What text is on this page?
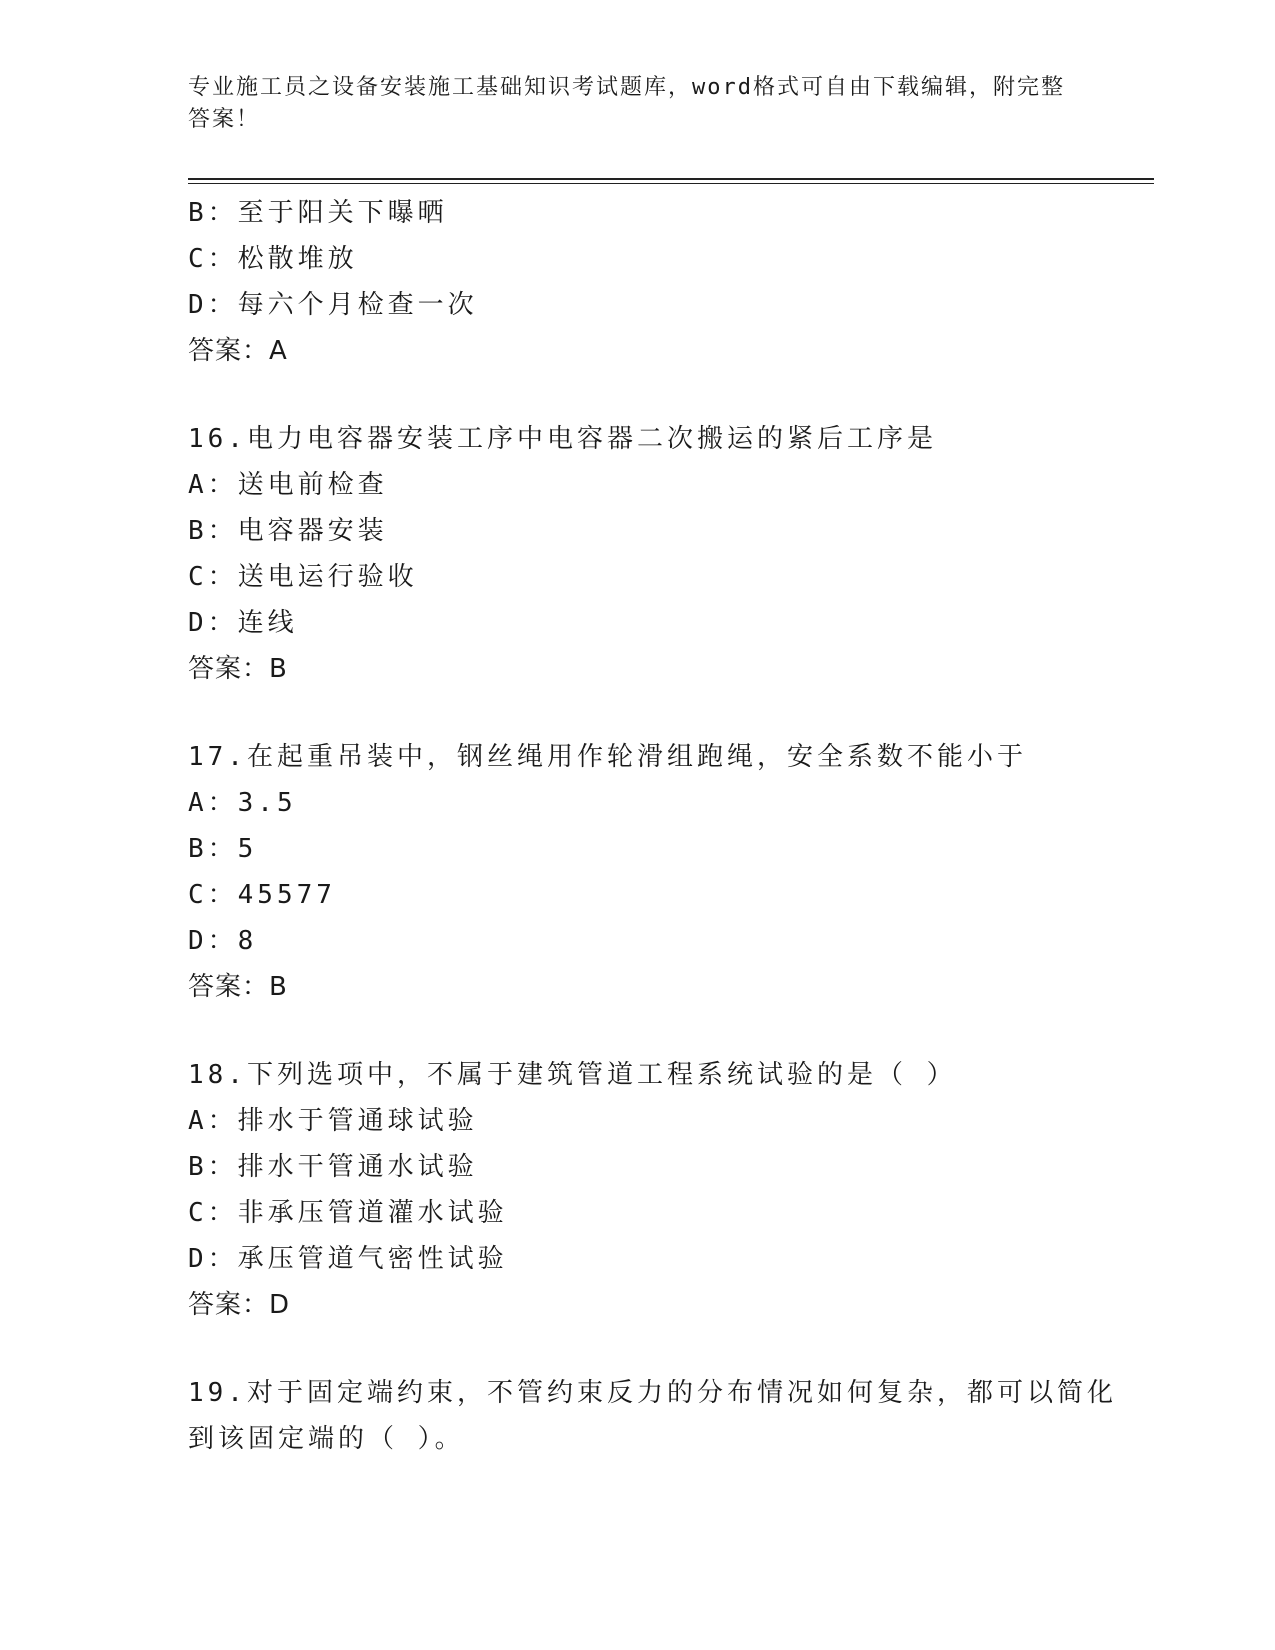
专业施工员之设备安装施工基础知识考试题库，word格式可自由下载编辑，附完整答案！
B：至于阳关下曝晒
C：松散堆放
D：每六个月检查一次
答案：A
16.电力电容器安装工序中电容器二次搬运的紧后工序是
A：送电前检查
B：电容器安装
C：送电运行验收
D：连线
答案：B
17.在起重吊装中，钢丝绳用作轮滑组跑绳，安全系数不能小于
A：3.5
B：5
C：45577
D：8
答案：B
18.下列选项中，不属于建筑管道工程系统试验的是（ ）
A：排水于管通球试验
B：排水干管通水试验
C：非承压管道灌水试验
D：承压管道气密性试验
答案：D
19.对于固定端约束，不管约束反力的分布情况如何复杂，都可以简化到该固定端的（ ）。
